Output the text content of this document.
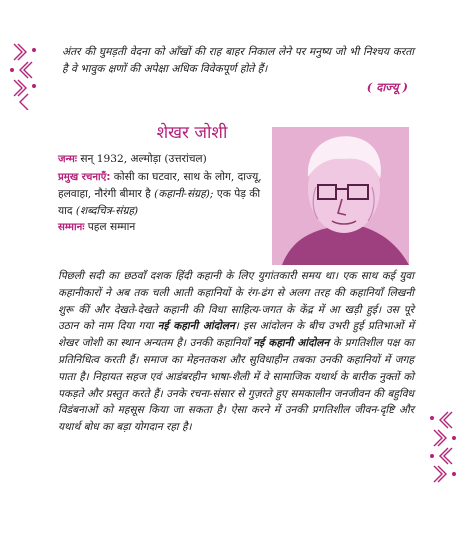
अंतर की घुमड़ती वेदना को आँखों की राह बाहर निकाल लेने पर मनुष्य जो भी निश्चय करता है वे भावुक क्षणों की अपेक्षा अधिक विवेकपूर्ण होते हैं।
( दाज्यू )
शेखर जोशी
जन्मः सन् 1932, अल्मोड़ा (उत्तरांचल)
प्रमुख रचनाएँ: कोसी का घटवार, साथ के लोग, दाज्यू, हलवाहा, नौरंगी बीमार है (कहानी-संग्रह); एक पेड़ की याद (शब्दचित्र-संग्रह)
सम्मानः पहल सम्मान
पिछली सदी का छठवाँ दशक हिंदी कहानी के लिए युगांतकारी समय था। एक साथ कई युवा कहानीकारों ने अब तक चली आती कहानियों के रंग-ढंग से अलग तरह की कहानियाँ लिखनी शुरू कीं और देखते-देखते कहानी की विधा साहित्य-जगत के केंद्र में आ खड़ी हुई। उस पूरे उठान को नाम दिया गया नई कहानी आंदोलन। इस आंदोलन के बीच उभरी हुई प्रतिभाओं में शेखर जोशी का स्थान अन्यतम है। उनकी कहानियाँ नई कहानी आंदोलन के प्रगतिशील पक्ष का प्रतिनिधित्व करती हैं। समाज का मेहनतकश और सुविधाहीन तबका उनकी कहानियों में जगह पाता है। निहायत सहज एवं आडंबरहीन भाषा-शैली में वे सामाजिक यथार्थ के बारीक नुक्तों को पकड़ते और प्रस्तुत करते हैं। उनके रचना-संसार से गुज़रते हुए समकालीन जनजीवन की बहुविध विडंबनाओं को महसूस किया जा सकता है। ऐसा करने में उनकी प्रगतिशील जीवन-दृष्टि और यथार्थ बोध का बड़ा योगदान रहा है।
